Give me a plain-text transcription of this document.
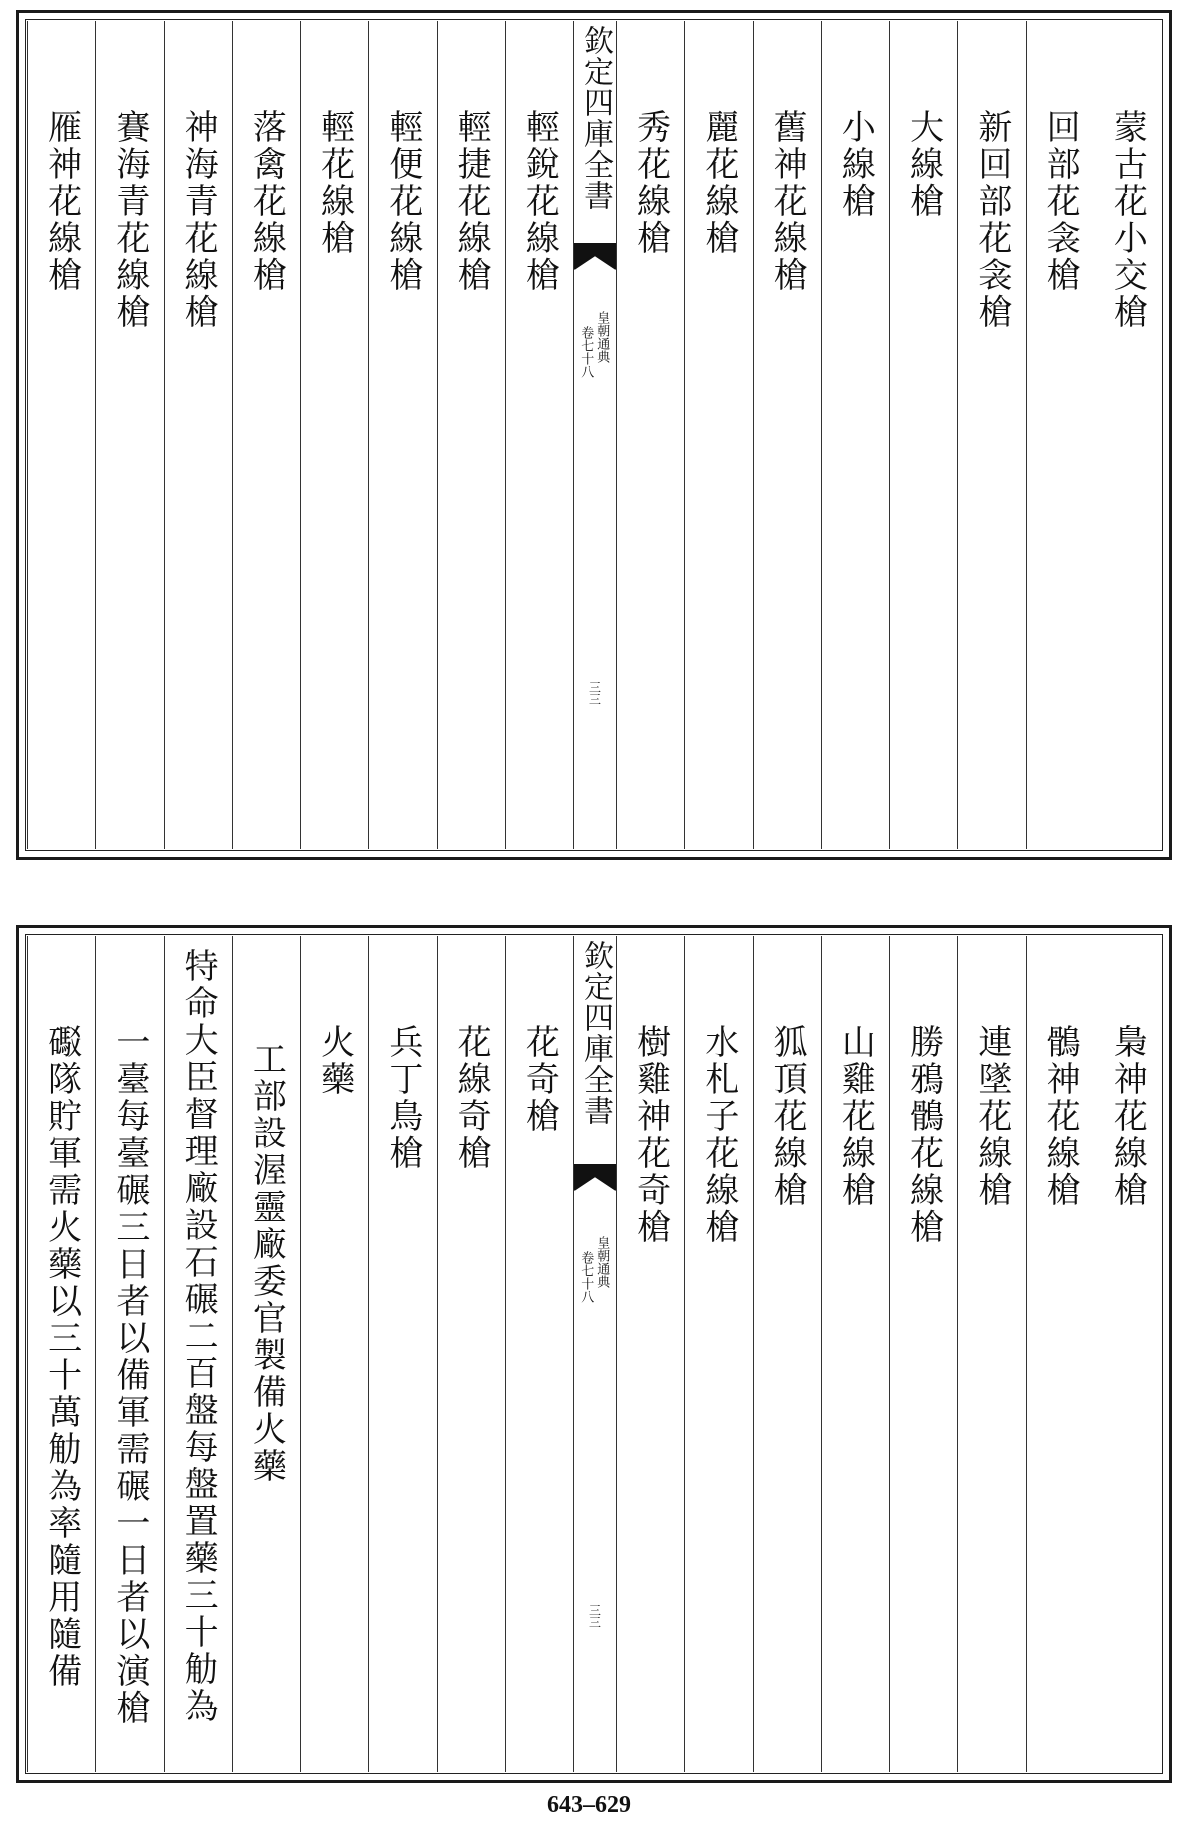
蒙古花小交槍
回部花衾槍
新回部花衾槍
大線槍
小線槍
舊神花線槍
麗花線槍
秀花線槍
欽定四庫全書
皇朝通典
卷七十八
三三
輕銳花線槍
輕捷花線槍
輕便花線槍
輕花線槍
落禽花線槍
神海青花線槍
賽海青花線槍
雁神花線槍
梟神花線槍
鶻神花線槍
連墜花線槍
勝鴉鶻花線槍
山雞花線槍
狐頂花線槍
水札子花線槍
樹雞神花奇槍
欽定四庫全書
皇朝通典
卷七十八
三三
花奇槍
花線奇槍
兵丁鳥槍
火藥
工部設渥靈廠委官製備火藥
特命大臣督理廠設石碾二百盤每盤置藥三十觔為
一臺每臺碾三日者以備軍需碾一日者以演槍
礟隊貯軍需火藥以三十萬觔為率隨用隨備
643–629
